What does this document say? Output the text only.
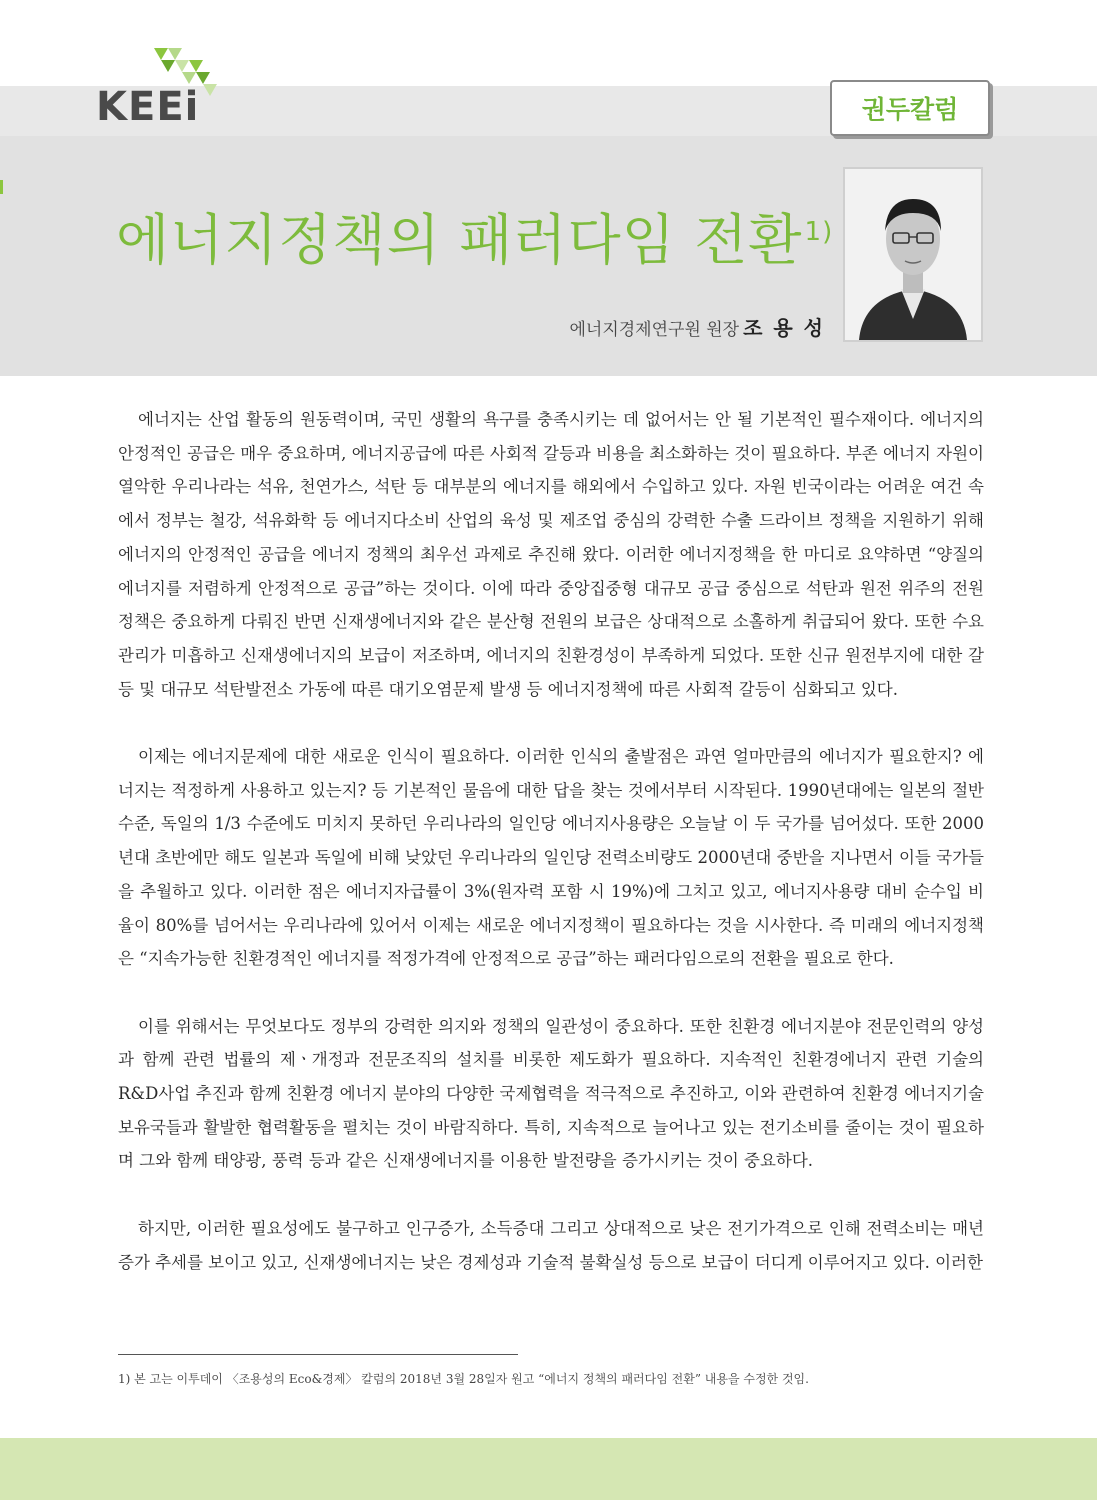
KEEi	권두칼럼
에너지정책의 패러다임 전환$^{1)}$
에너지경제연구원 원장 조 용 성

에너지는 산업 활동의 원동력이며, 국민 생활의 욕구를 충족시키는 데 없어서는 안 될 기본적인 필수재이다. 에너지의 안정적인 공급은 매우 중요하며, 에너지공급에 따른 사회적 갈등과 비용을 최소화하는 것이 필요하다. 부존 에너지 자원이 열악한 우리나라는 석유, 천연가스, 석탄 등 대부분의 에너지를 해외에서 수입하고 있다. 자원 빈국이라는 어려운 여건 속에서 정부는 철강, 석유화학 등 에너지다소비 산업의 육성 및 제조업 중심의 강력한 수출 드라이브 정책을 지원하기 위해 에너지의 안정적인 공급을 에너지 정책의 최우선 과제로 추진해 왔다. 이러한 에너지정책을 한 마디로 요약하면 “양질의 에너지를 저렴하게 안정적으로 공급”하는 것이다. 이에 따라 중앙집중형 대규모 공급 중심으로 석탄과 원전 위주의 전원정책은 중요하게 다뤄진 반면 신재생에너지와 같은 분산형 전원의 보급은 상대적으로 소홀하게 취급되어 왔다. 또한 수요관리가 미흡하고 신재생에너지의 보급이 저조하며, 에너지의 친환경성이 부족하게 되었다. 또한 신규 원전부지에 대한 갈등 및 대규모 석탄발전소 가동에 따른 대기오염문제 발생 등 에너지정책에 따른 사회적 갈등이 심화되고 있다.

이제는 에너지문제에 대한 새로운 인식이 필요하다. 이러한 인식의 출발점은 과연 얼마만큼의 에너지가 필요한지? 에너지는 적정하게 사용하고 있는지? 등 기본적인 물음에 대한 답을 찾는 것에서부터 시작된다. 1990년대에는 일본의 절반 수준, 독일의 1/3 수준에도 미치지 못하던 우리나라의 일인당 에너지사용량은 오늘날 이 두 국가를 넘어섰다. 또한 2000년대 초반에만 해도 일본과 독일에 비해 낮았던 우리나라의 일인당 전력소비량도 2000년대 중반을 지나면서 이들 국가들을 추월하고 있다. 이러한 점은 에너지자급률이 3%(원자력 포함 시 19%)에 그치고 있고, 에너지사용량 대비 순수입 비율이 80%를 넘어서는 우리나라에 있어서 이제는 새로운 에너지정책이 필요하다는 것을 시사한다. 즉 미래의 에너지정책은 “지속가능한 친환경적인 에너지를 적정가격에 안정적으로 공급”하는 패러다임으로의 전환을 필요로 한다.

이를 위해서는 무엇보다도 정부의 강력한 의지와 정책의 일관성이 중요하다. 또한 친환경 에너지분야 전문인력의 양성과 함께 관련 법률의 제ㆍ개정과 전문조직의 설치를 비롯한 제도화가 필요하다. 지속적인 친환경에너지 관련 기술의 R&D사업 추진과 함께 친환경 에너지 분야의 다양한 국제협력을 적극적으로 추진하고, 이와 관련하여 친환경 에너지기술 보유국들과 활발한 협력활동을 펼치는 것이 바람직하다. 특히, 지속적으로 늘어나고 있는 전기소비를 줄이는 것이 필요하며 그와 함께 태양광, 풍력 등과 같은 신재생에너지를 이용한 발전량을 증가시키는 것이 중요하다.

하지만, 이러한 필요성에도 불구하고 인구증가, 소득증대 그리고 상대적으로 낮은 전기가격으로 인해 전력소비는 매년 증가 추세를 보이고 있고, 신재생에너지는 낮은 경제성과 기술적 불확실성 등으로 보급이 더디게 이루어지고 있다. 이러한

1) 본 고는 이투데이 〈조용성의 Eco&경제〉 칼럼의 2018년 3월 28일자 원고 “에너지 정책의 패러다임 전환” 내용을 수정한 것임.
